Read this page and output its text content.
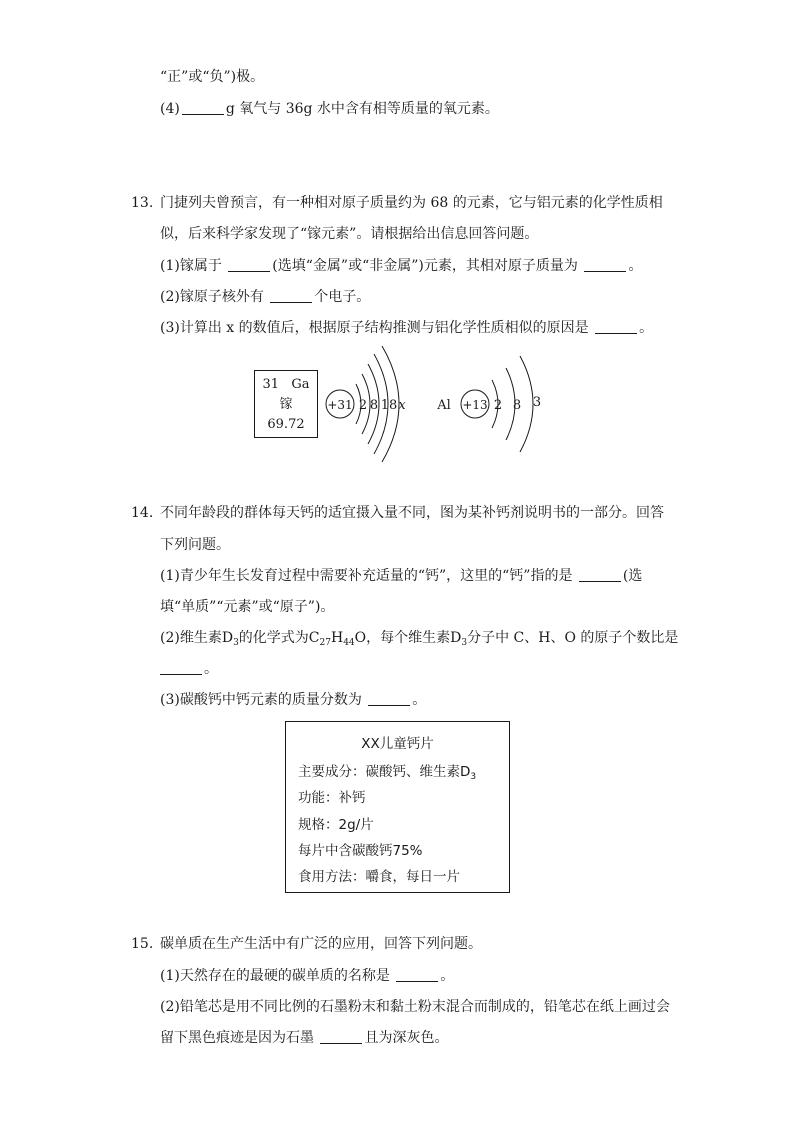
“正”或“负”)极。
(4)	g 氧气与 36g 水中含有相等质量的氧元素。
13. 门捷列夫曾预言，有一种相对原子质量约为 68 的元素，它与铝元素的化学性质相
似，后来科学家发现了“镓元素”。请根据给出信息回答问题。
(1)镓属于	(选填“金属”或“非金属”)元素，其相对原子质量为	。
(2)镓原子核外有	个电子。
(3)计算出 x 的数值后，根据原子结构推测与铝化学性质相似的原因是	。
31 Ga
镓
69.72
+31 2 8 18 x Al +13 2 8 3
14. 不同年龄段的群体每天钙的适宜摄入量不同，图为某补钙剂说明书的一部分。回答
下列问题。
(1)青少年生长发育过程中需要补充适量的“钙”，这里的“钙”指的是	(选
填“单质”“元素”或“原子”)。
(2)维生素$D_3$的化学式为$C_{27}H_{44}O$，每个维生素$D_3$分子中 C、H、O 的原子个数比是
。
(3)碳酸钙中钙元素的质量分数为	。
XX儿童钙片
主要成分：碳酸钙、维生素$D_3$
功能：补钙
规格：2g/片
每片中含碳酸钙75%
食用方法：嚼食，每日一片
15. 碳单质在生产生活中有广泛的应用，回答下列问题。
(1)天然存在的最硬的碳单质的名称是	。
(2)铅笔芯是用不同比例的石墨粉末和黏土粉末混合而制成的，铅笔芯在纸上画过会
留下黑色痕迹是因为石墨	且为深灰色。
